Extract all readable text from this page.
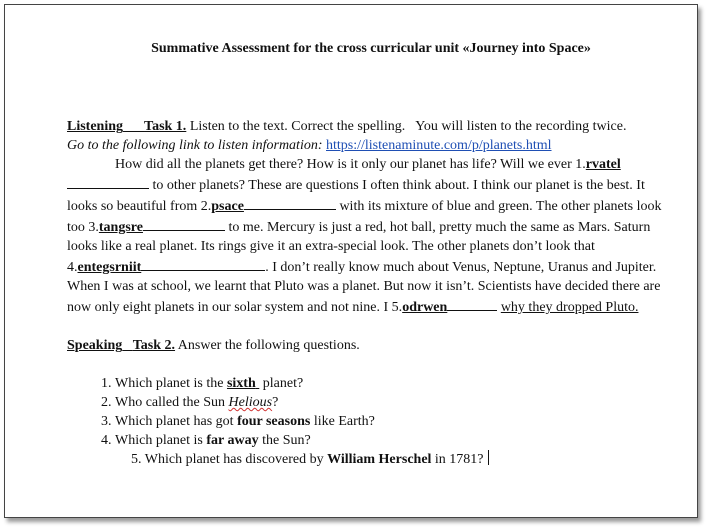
Summative Assessment for the cross curricular unit «Journey into Space»
Listening Task 1. Listen to the text. Correct the spelling. You will listen to the recording twice.
Go to the following link to listen information: https://listenaminute.com/p/planets.html
How did all the planets get there? How is it only our planet has life? Will we ever 1.rvatel to other planets? These are questions I often think about. I think our planet is the best. It looks so beautiful from 2.psace	with its mixture of blue and green. The other planets look too 3.tangsre	to me. Mercury is just a red, hot ball, pretty much the same as Mars. Saturn looks like a real planet. Its rings give it an extra-special look. The other planets don’t look that 4.entegsrniit	. I don’t really know much about Venus, Neptune, Uranus and Jupiter. When I was at school, we learnt that Pluto was a planet. But now it isn’t. Scientists have decided there are now only eight planets in our solar system and not nine. I 5.odrwen	why they dropped Pluto.
Speaking Task 2. Answer the following questions.
1. Which planet is the sixth planet?
2. Who called the Sun Helious?
3. Which planet has got four seasons like Earth?
4. Which planet is far away the Sun?
5. Which planet has discovered by William Herschel in 1781?
